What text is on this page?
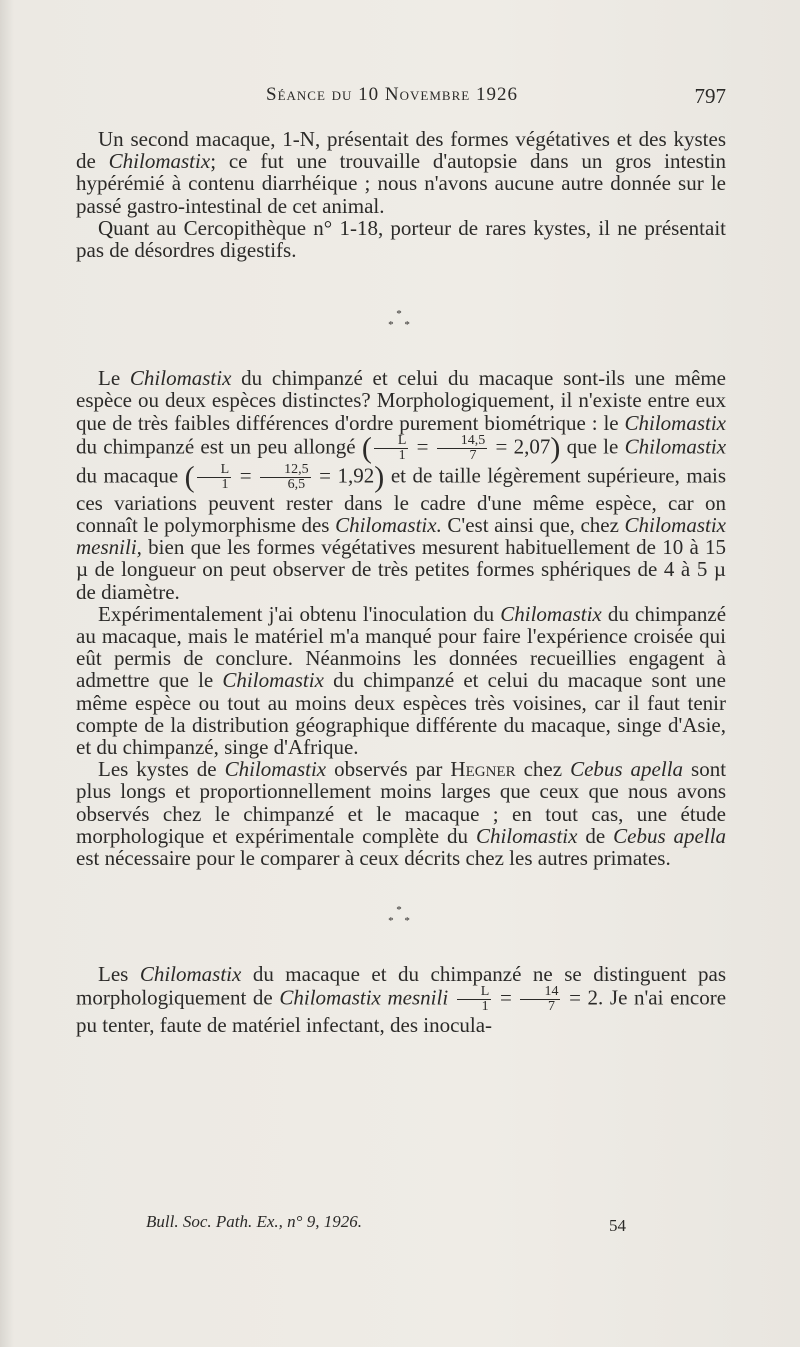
Séance du 10 Novembre 1926	797

Un second macaque, 1-N, présentait des formes végétatives et des kystes de Chilomastix; ce fut une trouvaille d'autopsie dans un gros intestin hypérémié à contenu diarrhéique ; nous n'avons aucune autre donnée sur le passé gastro-intestinal de cet animal.

Quant au Cercopithèque n° 1-18, porteur de rares kystes, il ne présentait pas de désordres digestifs.

*
* *

Le Chilomastix du chimpanzé et celui du macaque sont-ils une même espèce ou deux espèces distinctes? Morphologiquement, il n'existe entre eux que de très faibles différences d'ordre purement biométrique : le Chilomastix du chimpanzé est un peu allongé ( $\frac{L}{1} = \frac{14,5}{7} = 2,07$) que le Chilomastix du macaque ( $\frac{L}{1} = \frac{12,5}{6,5} = 1,92$) et de taille légèrement supérieure, mais ces variations peuvent rester dans le cadre d'une même espèce, car on connaît le polymorphisme des Chilomastix. C'est ainsi que, chez Chilomastix mesnili, bien que les formes végétatives mesurent habituellement de 10 à 15 µ de longueur on peut observer de très petites formes sphériques de 4 à 5 µ de diamètre.

Expérimentalement j'ai obtenu l'inoculation du Chilomastix du chimpanzé au macaque, mais le matériel m'a manqué pour faire l'expérience croisée qui eût permis de conclure. Néanmoins les données recueillies engagent à admettre que le Chilomastix du chimpanzé et celui du macaque sont une même espèce ou tout au moins deux espèces très voisines, car il faut tenir compte de la distribution géographique différente du macaque, singe d'Asie, et du chimpanzé, singe d'Afrique.

Les kystes de Chilomastix observés par Hegner chez Cebus apella sont plus longs et proportionnellement moins larges que ceux que nous avons observés chez le chimpanzé et le macaque ; en tout cas, une étude morphologique et expérimentale complète du Chilomastix de Cebus apella est nécessaire pour le comparer à ceux décrits chez les autres primates.

*
* *

Les Chilomastix du macaque et du chimpanzé ne se distinguent pas morphologiquement de Chilomastix mesnili $\frac{L}{1} = \frac{14}{7} = 2$. Je n'ai encore pu tenter, faute de matériel infectant, des inocula-

Bull. Soc. Path. Ex., n° 9, 1926.	54
